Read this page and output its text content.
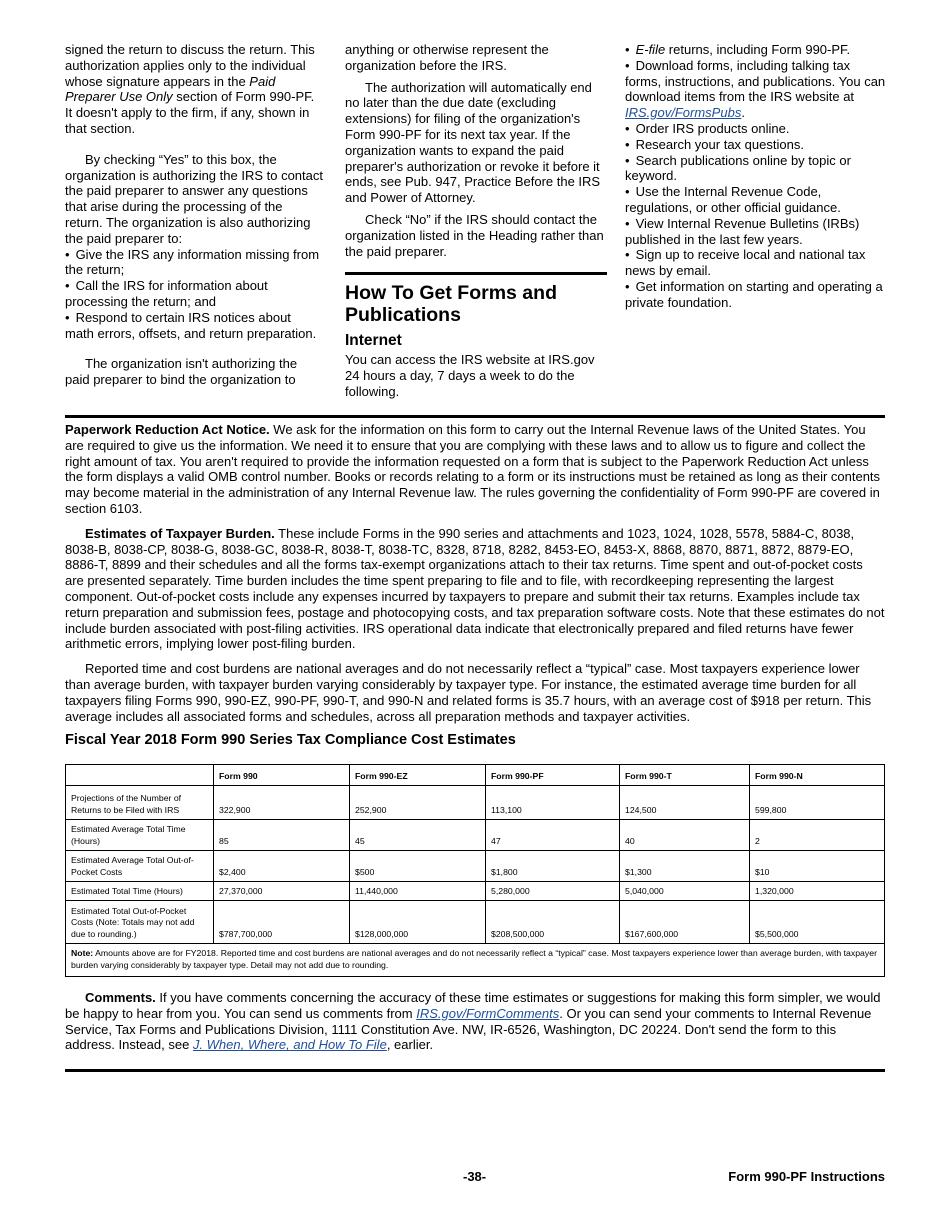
signed the return to discuss the return. This authorization applies only to the individual whose signature appears in the Paid Preparer Use Only section of Form 990-PF. It doesn't apply to the firm, if any, shown in that section.

By checking “Yes” to this box, the organization is authorizing the IRS to contact the paid preparer to answer any questions that arise during the processing of the return. The organization is also authorizing the paid preparer to:

• Give the IRS any information missing from the return;

• Call the IRS for information about processing the return; and

• Respond to certain IRS notices about math errors, offsets, and return preparation.

The organization isn't authorizing the paid preparer to bind the organization to

anything or otherwise represent the organization before the IRS.

The authorization will automatically end no later than the due date (excluding extensions) for filing of the organization's Form 990-PF for its next tax year. If the organization wants to expand the paid preparer's authorization or revoke it before it ends, see Pub. 947, Practice Before the IRS and Power of Attorney.

Check “No” if the IRS should contact the organization listed in the Heading rather than the paid preparer.

How To Get Forms and Publications
Internet

You can access the IRS website at IRS.gov 24 hours a day, 7 days a week to do the following.

• E-file returns, including Form 990-PF.

• Download forms, including talking tax forms, instructions, and publications. You can download items from the IRS website at IRS.gov/FormsPubs.

• Order IRS products online.

• Research your tax questions.

• Search publications online by topic or keyword.

• Use the Internal Revenue Code, regulations, or other official guidance.

• View Internal Revenue Bulletins (IRBs) published in the last few years.

• Sign up to receive local and national tax news by email.

• Get information on starting and operating a private foundation.

Paperwork Reduction Act Notice. We ask for the information on this form to carry out the Internal Revenue laws of the United States. You are required to give us the information. We need it to ensure that you are complying with these laws and to allow us to figure and collect the right amount of tax. You aren't required to provide the information requested on a form that is subject to the Paperwork Reduction Act unless the form displays a valid OMB control number. Books or records relating to a form or its instructions must be retained as long as their contents may become material in the administration of any Internal Revenue law. The rules governing the confidentiality of Form 990-PF are covered in section 6103.

Estimates of Taxpayer Burden. These include Forms in the 990 series and attachments and 1023, 1024, 1028, 5578, 5884-C, 8038, 8038-B, 8038-CP, 8038-G, 8038-GC, 8038-R, 8038-T, 8038-TC, 8328, 8718, 8282, 8453-EO, 8453-X, 8868, 8870, 8871, 8872, 8879-EO, 8886-T, 8899 and their schedules and all the forms tax-exempt organizations attach to their tax returns. Time spent and out-of-pocket costs are presented separately. Time burden includes the time spent preparing to file and to file, with recordkeeping representing the largest component. Out-of-pocket costs include any expenses incurred by taxpayers to prepare and submit their tax returns. Examples include tax return preparation and submission fees, postage and photocopying costs, and tax preparation software costs. Note that these estimates do not include burden associated with post-filing activities. IRS operational data indicate that electronically prepared and filed returns have fewer arithmetic errors, implying lower post-filing burden.

Reported time and cost burdens are national averages and do not necessarily reflect a “typical” case. Most taxpayers experience lower than average burden, with taxpayer burden varying considerably by taxpayer type. For instance, the estimated average time burden for all taxpayers filing Forms 990, 990-EZ, 990-PF, 990-T, and 990-N and related forms is 35.7 hours, with an average cost of $918 per return. This average includes all associated forms and schedules, across all preparation methods and taxpayer activities.

Fiscal Year 2018 Form 990 Series Tax Compliance Cost Estimates
	Form 990	Form 990-EZ	Form 990-PF	Form 990-T	Form 990-N
Projections of the Number of Returns to be Filed with IRS	322,900	252,900	113,100	124,500	599,800
Estimated Average Total Time (Hours)	85	45	47	40	2
Estimated Average Total Out-of-Pocket Costs	$2,400	$500	$1,800	$1,300	$10
Estimated Total Time (Hours)	27,370,000	11,440,000	5,280,000	5,040,000	1,320,000
Estimated Total Out-of-Pocket Costs (Note: Totals may not add due to rounding.)	$787,700,000	$128,000,000	$208,500,000	$167,600,000	$5,500,000
Note: Amounts above are for FY2018. Reported time and cost burdens are national averages and do not necessarily reflect a “typical” case. Most taxpayers experience lower than average burden, with taxpayer burden varying considerably by taxpayer type. Detail may not add due to rounding.					

Comments. If you have comments concerning the accuracy of these time estimates or suggestions for making this form simpler, we would be happy to hear from you. You can send us comments from IRS.gov/FormComments. Or you can send your comments to Internal Revenue Service, Tax Forms and Publications Division, 1111 Constitution Ave. NW, IR-6526, Washington, DC 20224. Don't send the form to this address. Instead, see J. When, Where, and How To File, earlier.

-38-	Form 990-PF Instructions
